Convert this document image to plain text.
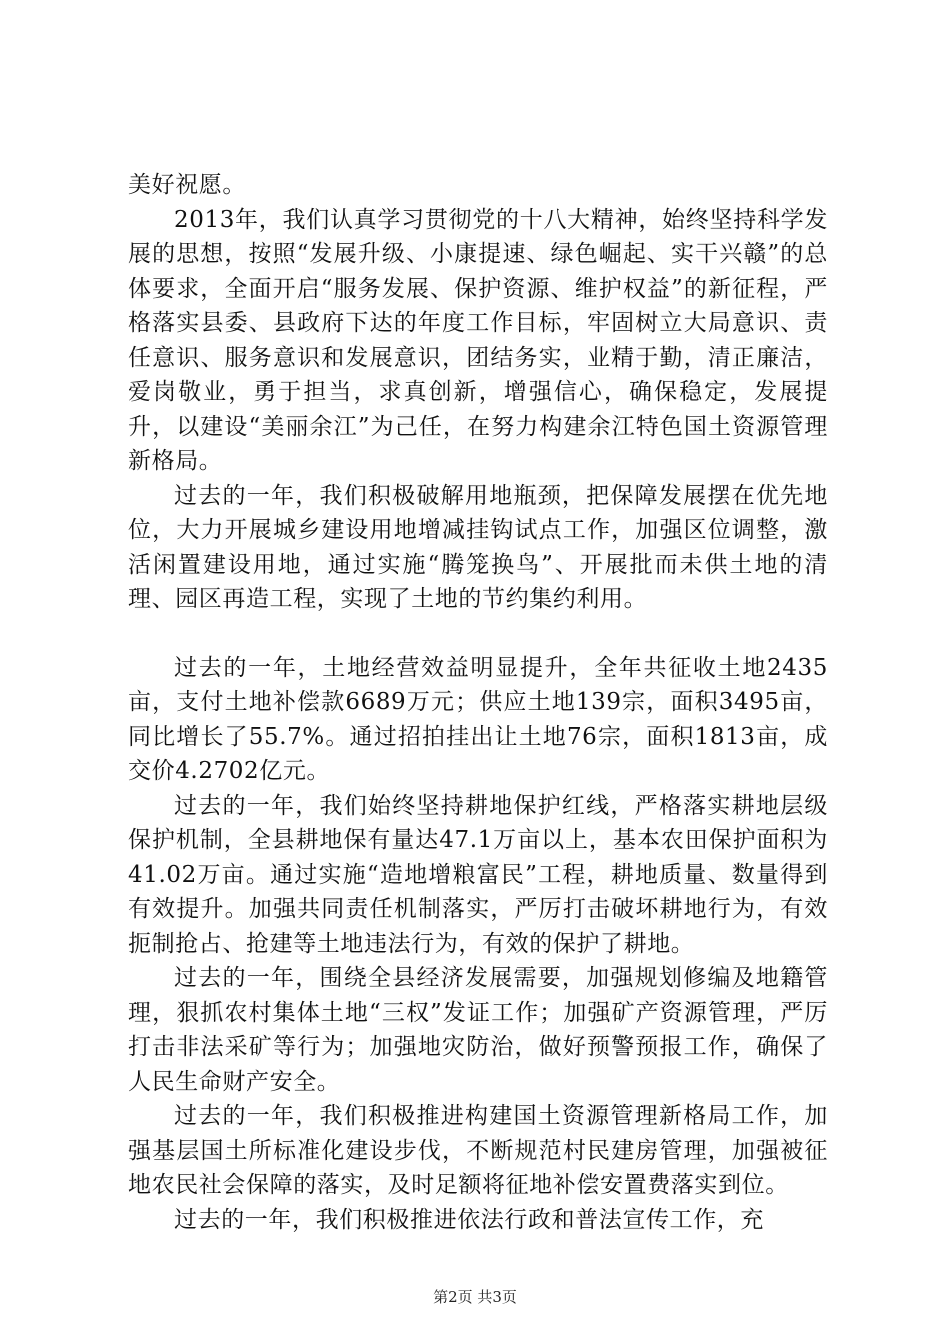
美好祝愿。

2013年，我们认真学习贯彻党的十八大精神，始终坚持科学发展的思想，按照“发展升级、小康提速、绿色崛起、实干兴赣”的总体要求，全面开启“服务发展、保护资源、维护权益”的新征程，严格落实县委、县政府下达的年度工作目标，牢固树立大局意识、责任意识、服务意识和发展意识，团结务实，业精于勤，清正廉洁，爱岗敬业，勇于担当，求真创新，增强信心，确保稳定，发展提升，以建设“美丽余江”为己任，在努力构建余江特色国土资源管理新格局。

过去的一年，我们积极破解用地瓶颈，把保障发展摆在优先地位，大力开展城乡建设用地增减挂钩试点工作，加强区位调整，激活闲置建设用地，通过实施“腾笼换鸟”、开展批而未供土地的清理、园区再造工程，实现了土地的节约集约利用。

过去的一年，土地经营效益明显提升，全年共征收土地2435亩，支付土地补偿款6689万元；供应土地139宗，面积3495亩，同比增长了55.7%。通过招拍挂出让土地76宗，面积1813亩，成交价4.2702亿元。

过去的一年，我们始终坚持耕地保护红线，严格落实耕地层级保护机制，全县耕地保有量达47.1万亩以上，基本农田保护面积为41.02万亩。通过实施“造地增粮富民”工程，耕地质量、数量得到有效提升。加强共同责任机制落实，严厉打击破坏耕地行为，有效扼制抢占、抢建等土地违法行为，有效的保护了耕地。

过去的一年，围绕全县经济发展需要，加强规划修编及地籍管理，狠抓农村集体土地“三权”发证工作；加强矿产资源管理，严厉打击非法采矿等行为；加强地灾防治，做好预警预报工作，确保了人民生命财产安全。

过去的一年，我们积极推进构建国土资源管理新格局工作，加强基层国土所标准化建设步伐，不断规范村民建房管理，加强被征地农民社会保障的落实，及时足额将征地补偿安置费落实到位。

过去的一年，我们积极推进依法行政和普法宣传工作，充

第2页 共3页
